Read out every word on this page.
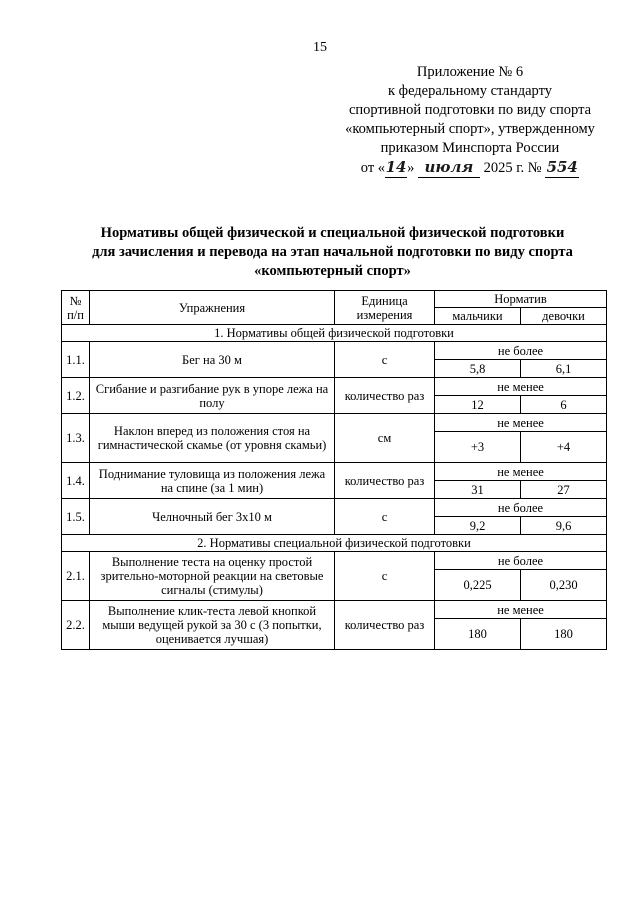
15
Приложение № 6
к федеральному стандарту
спортивной подготовки по виду спорта
«компьютерный спорт», утвержденному
приказом Минспорта России
от «14» июля 2025 г. № 554
Нормативы общей физической и специальной физической подготовки
для зачисления и перевода на этап начальной подготовки по виду спорта
«компьютерный спорт»
№ п/п	Упражнения	Единица измерения	Норматив	
			мальчики	девочки
1. Нормативы общей физической подготовки				
1.1.	Бег на 30 м	с	не более	
			5,8	6,1
1.2.	Сгибание и разгибание рук в упоре лежа на полу	количество раз	не менее	
			12	6
1.3.	Наклон вперед из положения стоя на гимнастической скамье (от уровня скамьи)	см	не менее	
			+3	+4
1.4.	Поднимание туловища из положения лежа на спине (за 1 мин)	количество раз	не менее	
			31	27
1.5.	Челночный бег 3х10 м	с	не более	
			9,2	9,6
2. Нормативы специальной физической подготовки				
2.1.	Выполнение теста на оценку простой зрительно-моторной реакции на световые сигналы (стимулы)	с	не более	
			0,225	0,230
2.2.	Выполнение клик-теста левой кнопкой мыши ведущей рукой за 30 с (3 попытки, оценивается лучшая)	количество раз	не менее	
			180	180
